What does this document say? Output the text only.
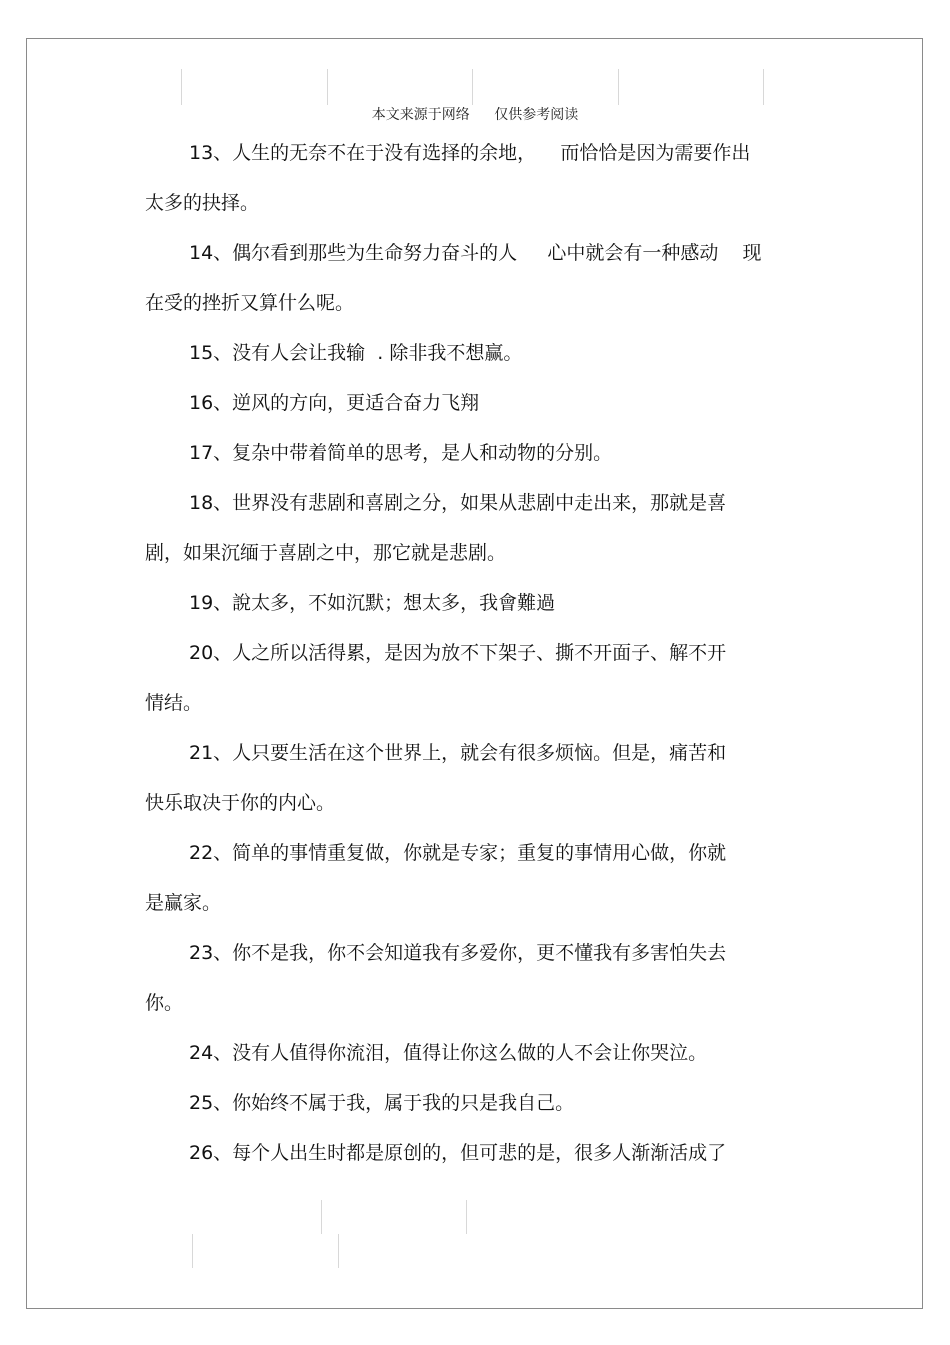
本文来源于网络 仅供参考阅读

13、人生的无奈不在于没有选择的余地，    而恰恰是因为需要作出
太多的抉择。

14、偶尔看到那些为生命努力奋斗的人     心中就会有一种感动    现
在受的挫折又算什么呢。

15、没有人会让我输  . 除非我不想赢。

16、逆风的方向，更适合奋力飞翔

17、复杂中带着简单的思考，是人和动物的分别。

18、世界没有悲剧和喜剧之分，如果从悲剧中走出来，那就是喜
剧，如果沉缅于喜剧之中，那它就是悲剧。

19、說太多，不如沉默；想太多，我會難過

20、人之所以活得累，是因为放不下架子、撕不开面子、解不开
情结。

21、人只要生活在这个世界上，就会有很多烦恼。但是，痛苦和
快乐取决于你的内心。

22、简单的事情重复做，你就是专家；重复的事情用心做，你就
是赢家。

23、你不是我，你不会知道我有多爱你，更不懂我有多害怕失去
你。

24、没有人值得你流泪，值得让你这么做的人不会让你哭泣。

25、你始终不属于我，属于我的只是我自己。

26、每个人出生时都是原创的，但可悲的是，很多人渐渐活成了
